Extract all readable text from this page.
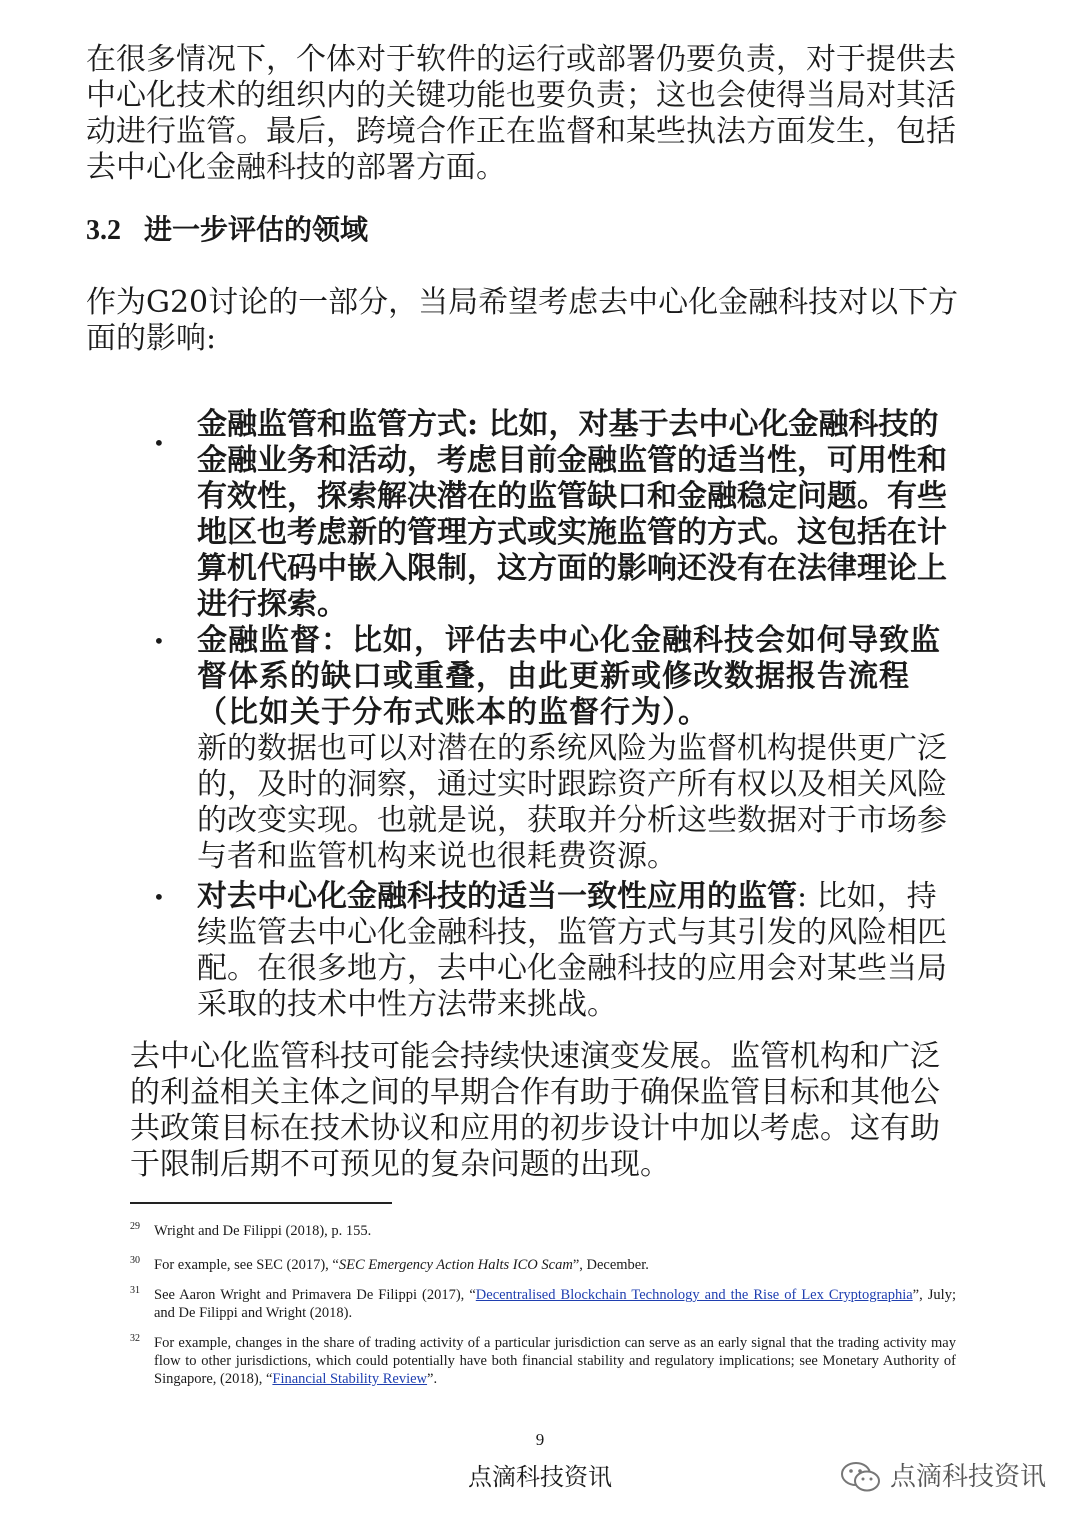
在很多情况下，个体对于软件的运行或部署仍要负责，对于提供去中心化技术的组织内的关键功能也要负责；这也会使得当局对其活动进行监管。最后，跨境合作正在监督和某些执法方面发生，包括去中心化金融科技的部署方面。

3.2 进一步评估的领域

作为G20讨论的一部分，当局希望考虑去中心化金融科技对以下方面的影响:

•
金融监管和监管方式: 比如，对基于去中心化金融科技的金融业务和活动，考虑目前金融监管的适当性，可用性和有效性，探索解决潜在的监管缺口和金融稳定问题。有些地区也考虑新的管理方式或实施监管的方式。这包括在计算机代码中嵌入限制，这方面的影响还没有在法律理论上进行探索。
• 金融监督：比如，评估去中心化金融科技会如何导致监督体系的缺口或重叠，由此更新或修改数据报告流程（比如关于分布式账本的监督行为）。
新的数据也可以对潜在的系统风险为监督机构提供更广泛的，及时的洞察，通过实时跟踪资产所有权以及相关风险的改变实现。也就是说，获取并分析这些数据对于市场参与者和监管机构来说也很耗费资源。
• 对去中心化金融科技的适当一致性应用的监管: 比如，持续监管去中心化金融科技，监管方式与其引发的风险相匹配。在很多地方，去中心化金融科技的应用会对某些当局采取的技术中性方法带来挑战。

去中心化监管科技可能会持续快速演变发展。监管机构和广泛的利益相关主体之间的早期合作有助于确保监管目标和其他公共政策目标在技术协议和应用的初步设计中加以考虑。这有助于限制后期不可预见的复杂问题的出现。

29 Wright and De Filippi (2018), p. 155.
30 For example, see SEC (2017), “SEC Emergency Action Halts ICO Scam”, December.
31 See Aaron Wright and Primavera De Filippi (2017), “Decentralised Blockchain Technology and the Rise of Lex Cryptographia”, July; and De Filippi and Wright (2018).
32 For example, changes in the share of trading activity of a particular jurisdiction can serve as an early signal that the trading activity may flow to other jurisdictions, which could potentially have both financial stability and regulatory implications; see Monetary Authority of Singapore, (2018), “Financial Stability Review”.
9
点滴科技资讯	点滴科技资讯
